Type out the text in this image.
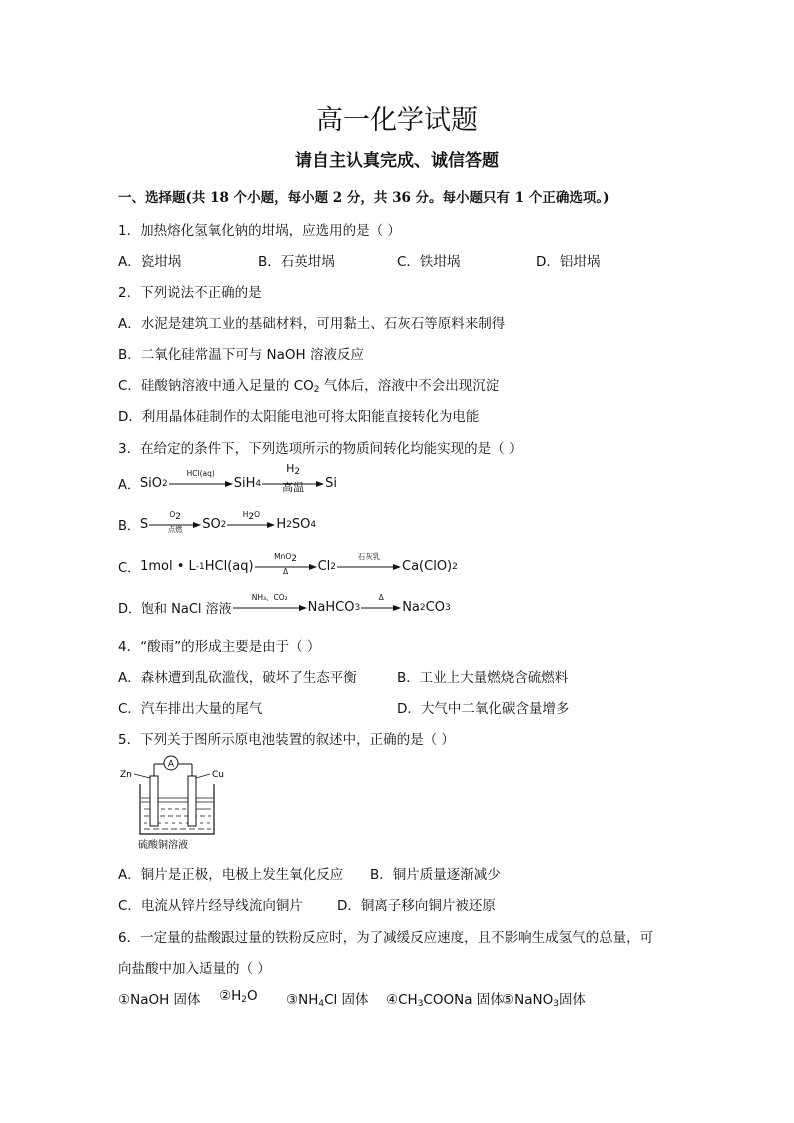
高一化学试题
请自主认真完成、诚信答题
一、选择题(共 18 个小题，每小题 2 分，共 36 分。每小题只有 1 个正确选项。)
1．加热熔化氢氧化钠的坩埚，应选用的是（ ）
A．瓷坩埚	B．石英坩埚	C．铁坩埚	D．铝坩埚
2．下列说法不正确的是
A．水泥是建筑工业的基础材料，可用黏土、石灰石等原料来制得
B．二氧化硅常温下可与 NaOH 溶液反应
C．硅酸钠溶液中通入足量的 $CO_2$ 气体后，溶液中不会出现沉淀
D．利用晶体硅制作的太阳能电池可将太阳能直接转化为电能
3．在给定的条件下，下列选项所示的物质间转化均能实现的是（ ）
A． SiO 2
HCl(aq)
SiH 4
$H_2$
高温	Si
B． S
$O_2$
点燃	SO 2
$H_2O$
H 2 SO 4
C． 1mol • L -1 HCl(aq)
MnO$_2$
Δ	Cl 2
石灰乳
Ca(ClO) 2
D． 饱和 NaCl 溶液
NH₃、CO₂
NaHCO 3
Δ
Na 2 CO 3
4．“酸雨”的形成主要是由于（ ）
A．森林遭到乱砍滥伐，破坏了生态平衡	B．工业上大量燃烧含硫燃料
C．汽车排出大量的尾气	D．大气中二氧化碳含量增多
5．下列关于图所示原电池装置的叙述中，正确的是（ ）
A
Zn	Cu
硫酸铜溶液
A．铜片是正极，电极上发生氧化反应 B．铜片质量逐渐减少
C．电流从锌片经导线流向铜片	D．铜离子移向铜片被还原
6．一定量的盐酸跟过量的铁粉反应时，为了减缓反应速度，且不影响生成氢气的总量，可
向盐酸中加入适量的（ ）
①NaOH 固体 $②H_2O$ $③NH_4Cl$ 固体 $④CH_3COONa$ 固体
⑤NaNO$_3$固体
